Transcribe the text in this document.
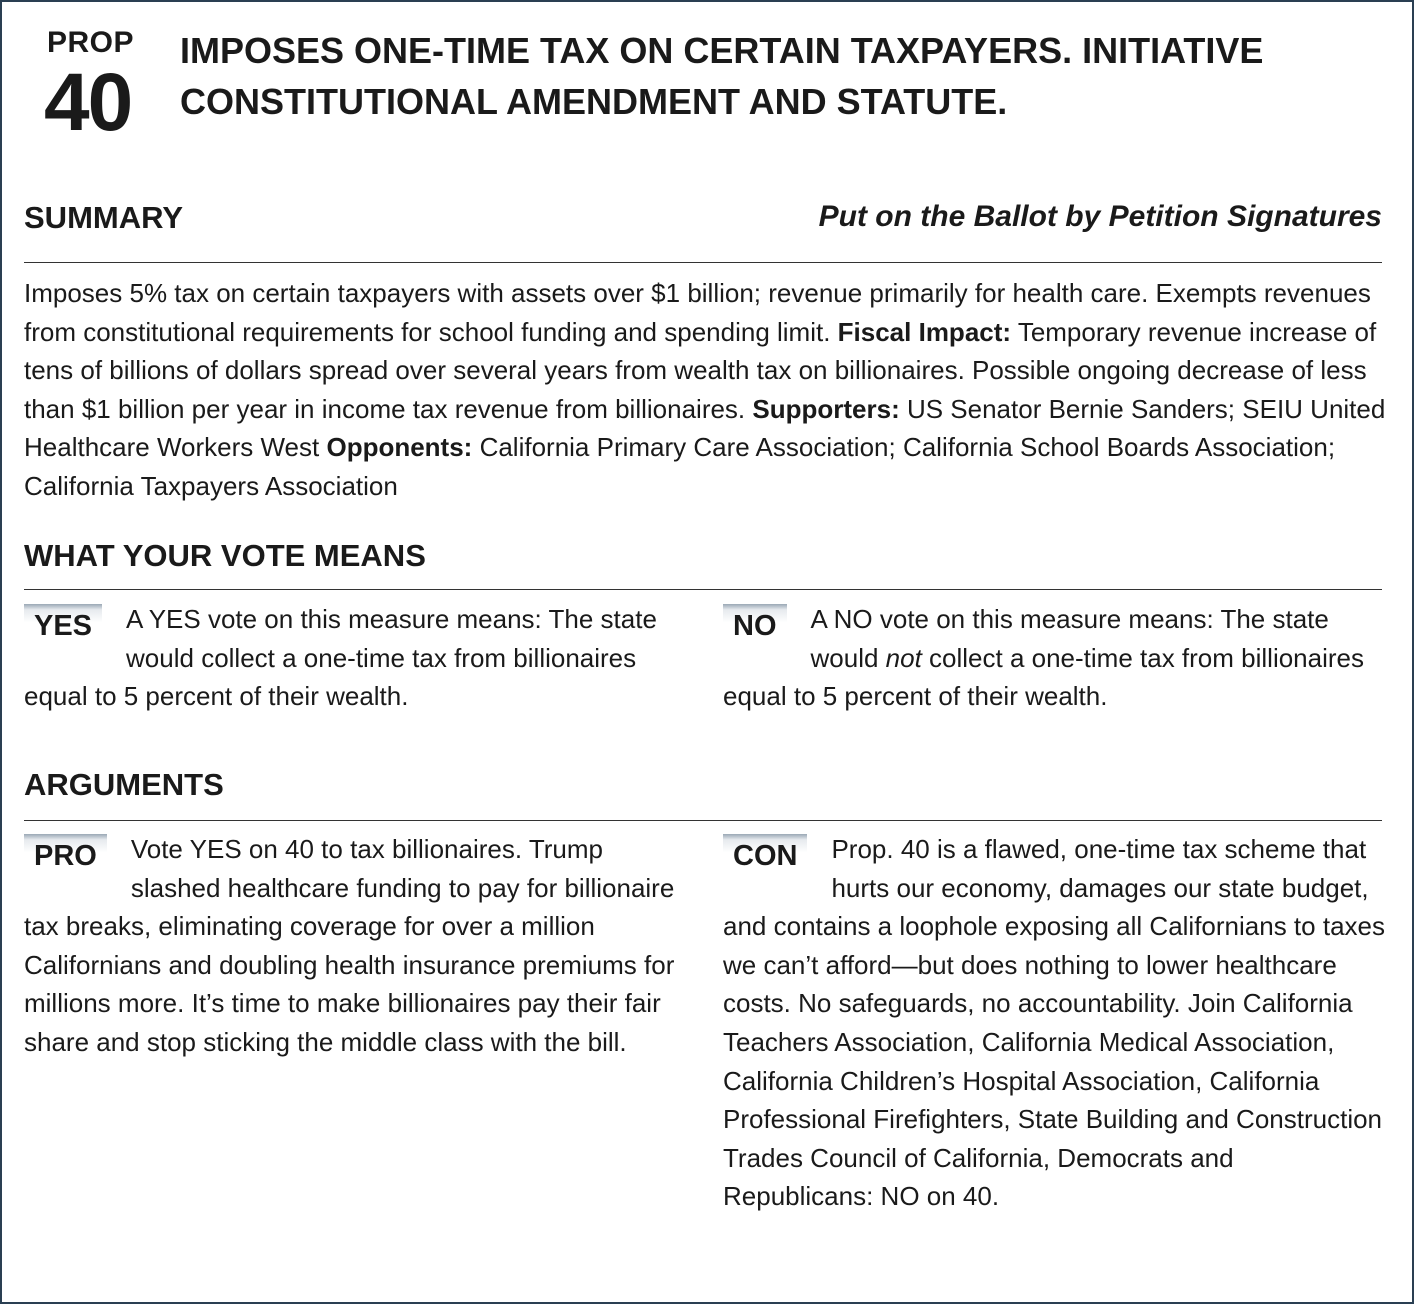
PROP
40
IMPOSES ONE-TIME TAX ON CERTAIN TAXPAYERS. INITIATIVE CONSTITUTIONAL AMENDMENT AND STATUTE.
SUMMARY	Put on the Ballot by Petition Signatures
Imposes 5% tax on certain taxpayers with assets over $1 billion; revenue primarily for health care. Exempts revenues from constitutional requirements for school funding and spending limit. Fiscal Impact: Temporary revenue increase of tens of billions of dollars spread over several years from wealth tax on billionaires. Possible ongoing decrease of less than $1 billion per year in income tax revenue from billionaires. Supporters: US Senator Bernie Sanders; SEIU United Healthcare Workers West Opponents: California Primary Care Association; California School Boards Association; California Taxpayers Association
WHAT YOUR VOTE MEANS
YES	A YES vote on this measure means: The state would collect a one-time tax from billionaires equal to 5 percent of their wealth.
NO	A NO vote on this measure means: The state would not collect a one-time tax from billionaires equal to 5 percent of their wealth.
ARGUMENTS
PRO	Vote YES on 40 to tax billionaires. Trump slashed healthcare funding to pay for billionaire tax breaks, eliminating coverage for over a million Californians and doubling health insurance premiums for millions more. It’s time to make billionaires pay their fair share and stop sticking the middle class with the bill.
CON	Prop. 40 is a flawed, one-time tax scheme that hurts our economy, damages our state budget, and contains a loophole exposing all Californians to taxes we can’t afford—but does nothing to lower healthcare costs. No safeguards, no accountability. Join California Teachers Association, California Medical Association, California Children’s Hospital Association, California Professional Firefighters, State Building and Construction Trades Council of California, Democrats and Republicans: NO on 40.
